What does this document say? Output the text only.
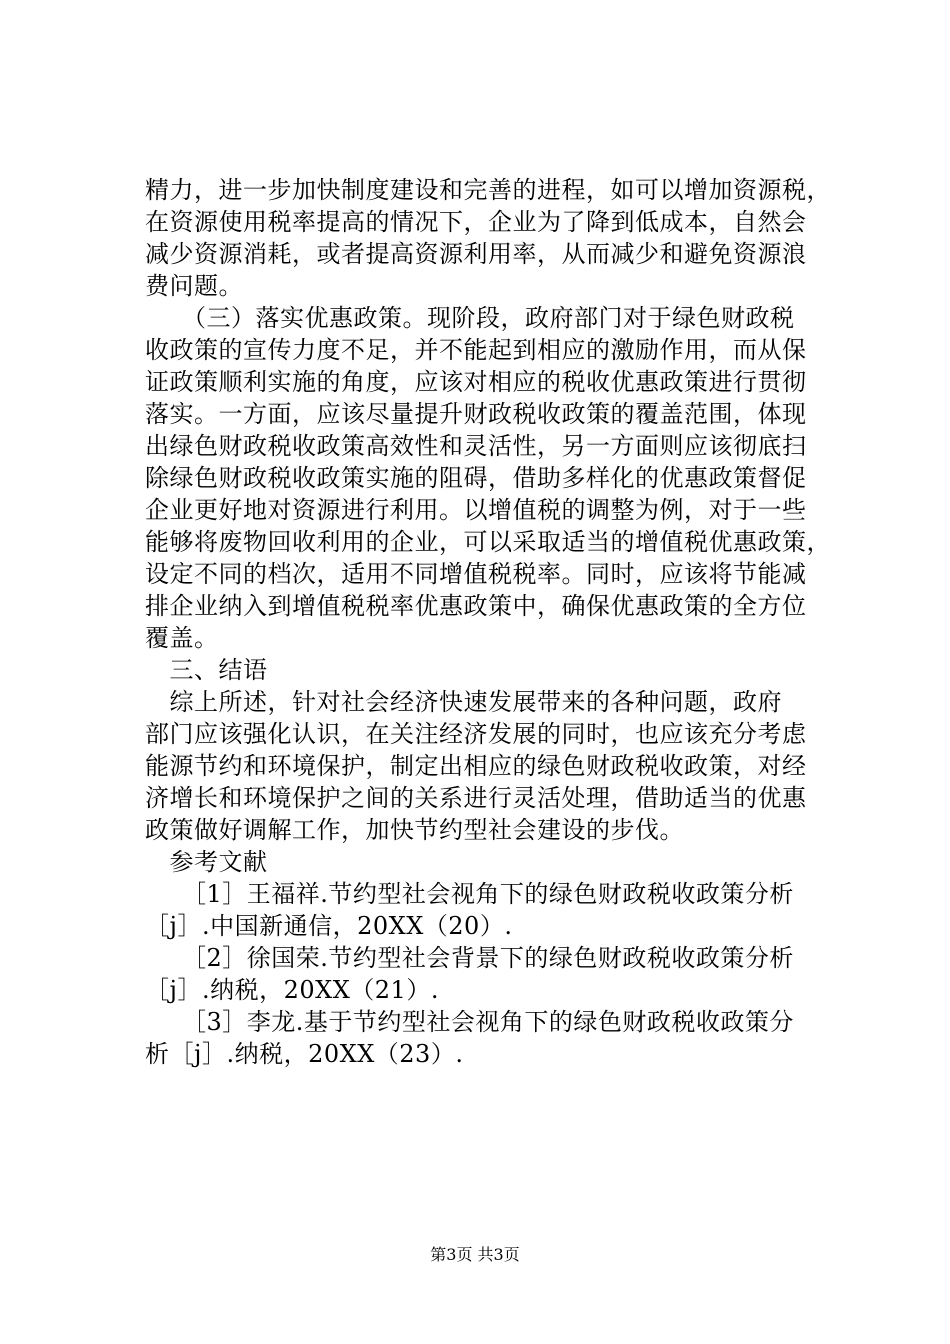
精力，进一步加快制度建设和完善的进程，如可以增加资源税，
在资源使用税率提高的情况下，企业为了降到低成本，自然会
减少资源消耗，或者提高资源利用率，从而减少和避免资源浪
费问题。
　　（三）落实优惠政策。现阶段，政府部门对于绿色财政税
收政策的宣传力度不足，并不能起到相应的激励作用，而从保
证政策顺利实施的角度，应该对相应的税收优惠政策进行贯彻
落实。一方面，应该尽量提升财政税收政策的覆盖范围，体现
出绿色财政税收政策高效性和灵活性，另一方面则应该彻底扫
除绿色财政税收政策实施的阻碍，借助多样化的优惠政策督促
企业更好地对资源进行利用。以增值税的调整为例，对于一些
能够将废物回收利用的企业，可以采取适当的增值税优惠政策，
设定不同的档次，适用不同增值税税率。同时，应该将节能减
排企业纳入到增值税税率优惠政策中，确保优惠政策的全方位
覆盖。
　三、结语
　综上所述，针对社会经济快速发展带来的各种问题，政府
部门应该强化认识，在关注经济发展的同时，也应该充分考虑
能源节约和环境保护，制定出相应的绿色财政税收政策，对经
济增长和环境保护之间的关系进行灵活处理，借助适当的优惠
政策做好调解工作，加快节约型社会建设的步伐。
　参考文献
　　［1］王福祥.节约型社会视角下的绿色财政税收政策分析
［j］.中国新通信，20XX（20）.
　　［2］徐国荣.节约型社会背景下的绿色财政税收政策分析
［j］.纳税，20XX（21）.
　　［3］李龙.基于节约型社会视角下的绿色财政税收政策分
析［j］.纳税，20XX（23）.
第3页 共3页
